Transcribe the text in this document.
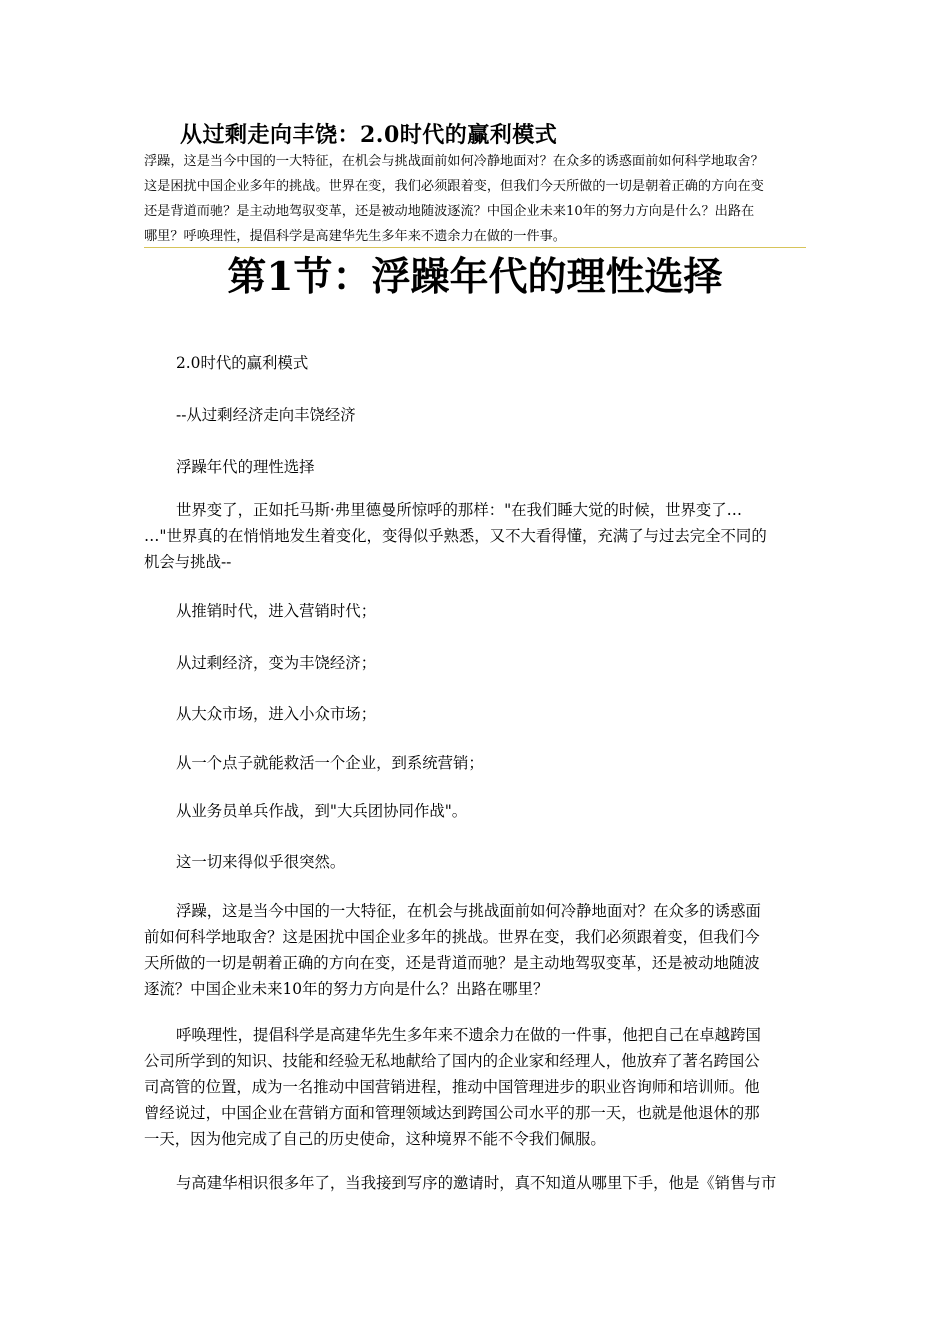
从过剩走向丰饶：2.0时代的赢利模式

浮躁，这是当今中国的一大特征，在机会与挑战面前如何冷静地面对？在众多的诱惑面前如何科学地取舍？

这是困扰中国企业多年的挑战。世界在变，我们必须跟着变，但我们今天所做的一切是朝着正确的方向在变

还是背道而驰？是主动地驾驭变革，还是被动地随波逐流？中国企业未来10年的努力方向是什么？出路在

哪里？呼唤理性，提倡科学是高建华先生多年来不遗余力在做的一件事。

第1节：浮躁年代的理性选择

2.0时代的赢利模式

--从过剩经济走向丰饶经济

浮躁年代的理性选择

世界变了，正如托马斯·弗里德曼所惊呼的那样："在我们睡大觉的时候，世界变了…

…"世界真的在悄悄地发生着变化，变得似乎熟悉，又不大看得懂，充满了与过去完全不同的

机会与挑战--

从推销时代，进入营销时代；

从过剩经济，变为丰饶经济；

从大众市场，进入小众市场；

从一个点子就能救活一个企业，到系统营销；

从业务员单兵作战，到"大兵团协同作战"。

这一切来得似乎很突然。

浮躁，这是当今中国的一大特征，在机会与挑战面前如何冷静地面对？在众多的诱惑面

前如何科学地取舍？这是困扰中国企业多年的挑战。世界在变，我们必须跟着变，但我们今

天所做的一切是朝着正确的方向在变，还是背道而驰？是主动地驾驭变革，还是被动地随波

逐流？中国企业未来10年的努力方向是什么？出路在哪里？

呼唤理性，提倡科学是高建华先生多年来不遗余力在做的一件事，他把自己在卓越跨国

公司所学到的知识、技能和经验无私地献给了国内的企业家和经理人，他放弃了著名跨国公

司高管的位置，成为一名推动中国营销进程，推动中国管理进步的职业咨询师和培训师。他

曾经说过，中国企业在营销方面和管理领域达到跨国公司水平的那一天，也就是他退休的那

一天，因为他完成了自己的历史使命，这种境界不能不令我们佩服。

与高建华相识很多年了，当我接到写序的邀请时，真不知道从哪里下手，他是《销售与市
